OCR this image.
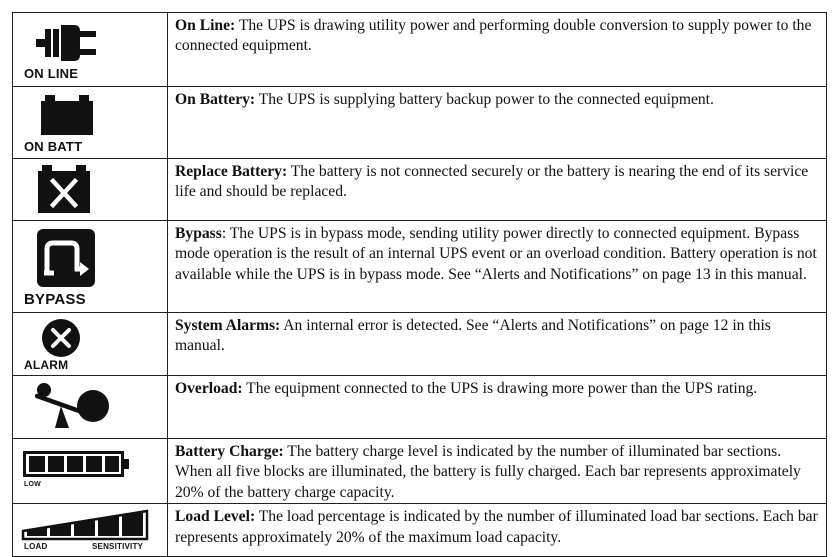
ON LINE	On Line: The UPS is drawing utility power and performing double conversion to supply power to the connected equipment.

ON BATT	On Battery: The UPS is supplying battery backup power to the connected equipment.

	Replace Battery: The battery is not connected securely or the battery is nearing the end of its service life and should be replaced.

BYPASS	Bypass: The UPS is in bypass mode, sending utility power directly to connected equipment. Bypass mode operation is the result of an internal UPS event or an overload condition. Battery operation is not available while the UPS is in bypass mode. See “Alerts and Notifications” on page 13 in this manual.

ALARM	System Alarms: An internal error is detected. See “Alerts and Notifications” on page 12 in this manual.

	Overload: The equipment connected to the UPS is drawing more power than the UPS rating.

LOW	Battery Charge: The battery charge level is indicated by the number of illuminated bar sections. When all five blocks are illuminated, the battery is fully charged. Each bar represents approximately 20% of the battery charge capacity.

LOAD SENSITIVITY	Load Level: The load percentage is indicated by the number of illuminated load bar sections. Each bar represents approximately 20% of the maximum load capacity.
